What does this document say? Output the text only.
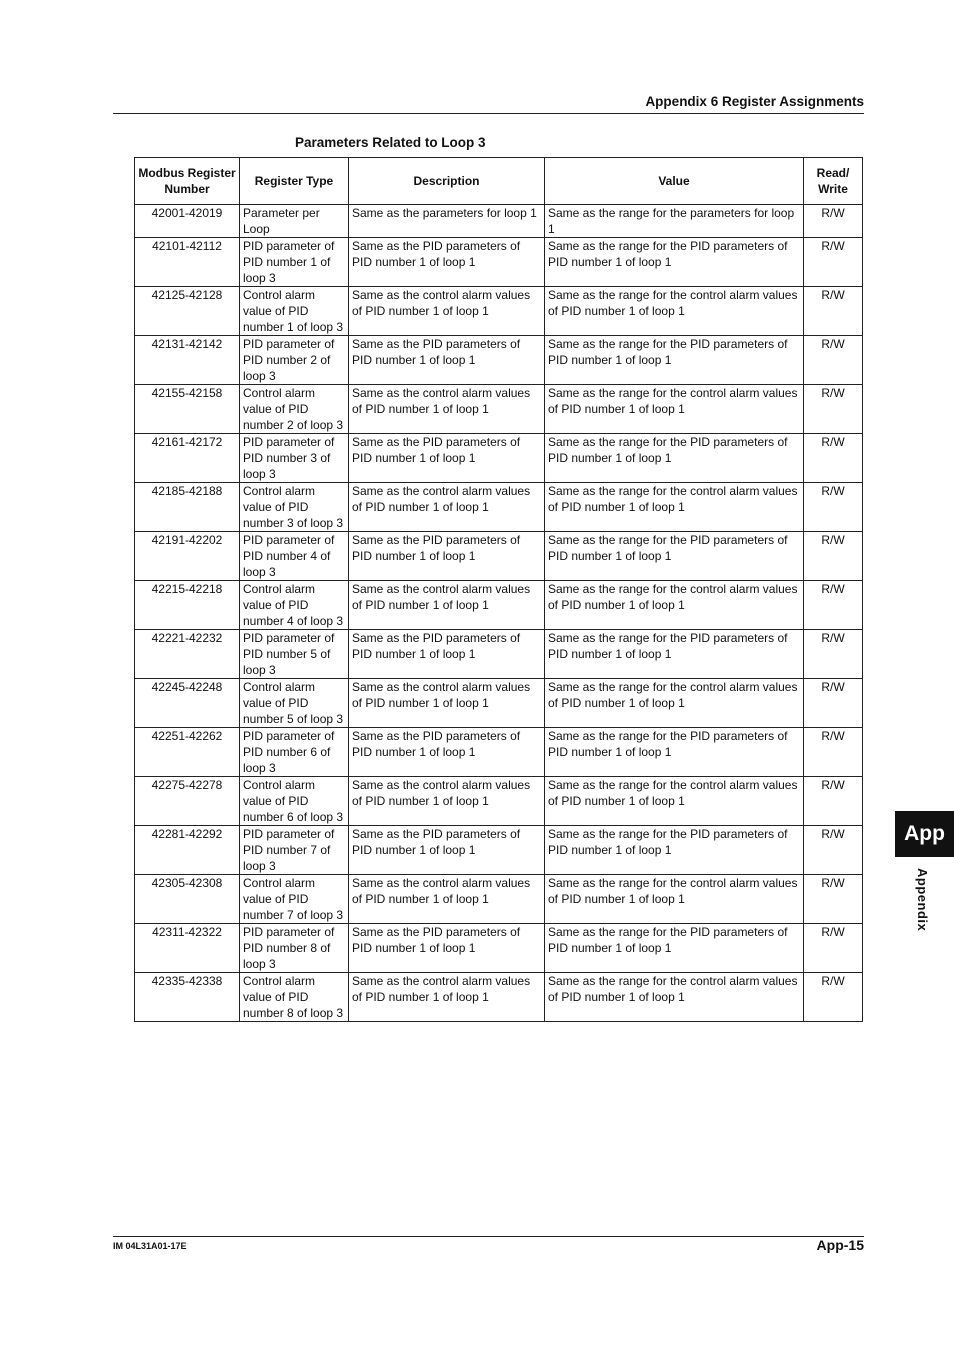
Appendix 6 Register Assignments
Parameters Related to Loop 3
Modbus Register Number	Register Type	Description	Value	Read/ Write
42001-42019	Parameter per Loop	Same as the parameters for loop 1	Same as the range for the parameters for loop 1	R/W
42101-42112	PID parameter of PID number 1 of loop 3	Same as the PID parameters of PID number 1 of loop 1	Same as the range for the PID parameters of PID number 1 of loop 1	R/W
42125-42128	Control alarm value of PID number 1 of loop 3	Same as the control alarm values of PID number 1 of loop 1	Same as the range for the control alarm values of PID number 1 of loop 1	R/W
42131-42142	PID parameter of PID number 2 of loop 3	Same as the PID parameters of PID number 1 of loop 1	Same as the range for the PID parameters of PID number 1 of loop 1	R/W
42155-42158	Control alarm value of PID number 2 of loop 3	Same as the control alarm values of PID number 1 of loop 1	Same as the range for the control alarm values of PID number 1 of loop 1	R/W
42161-42172	PID parameter of PID number 3 of loop 3	Same as the PID parameters of PID number 1 of loop 1	Same as the range for the PID parameters of PID number 1 of loop 1	R/W
42185-42188	Control alarm value of PID number 3 of loop 3	Same as the control alarm values of PID number 1 of loop 1	Same as the range for the control alarm values of PID number 1 of loop 1	R/W
42191-42202	PID parameter of PID number 4 of loop 3	Same as the PID parameters of PID number 1 of loop 1	Same as the range for the PID parameters of PID number 1 of loop 1	R/W
42215-42218	Control alarm value of PID number 4 of loop 3	Same as the control alarm values of PID number 1 of loop 1	Same as the range for the control alarm values of PID number 1 of loop 1	R/W
42221-42232	PID parameter of PID number 5 of loop 3	Same as the PID parameters of PID number 1 of loop 1	Same as the range for the PID parameters of PID number 1 of loop 1	R/W
42245-42248	Control alarm value of PID number 5 of loop 3	Same as the control alarm values of PID number 1 of loop 1	Same as the range for the control alarm values of PID number 1 of loop 1	R/W
42251-42262	PID parameter of PID number 6 of loop 3	Same as the PID parameters of PID number 1 of loop 1	Same as the range for the PID parameters of PID number 1 of loop 1	R/W
42275-42278	Control alarm value of PID number 6 of loop 3	Same as the control alarm values of PID number 1 of loop 1	Same as the range for the control alarm values of PID number 1 of loop 1	R/W
42281-42292	PID parameter of PID number 7 of loop 3	Same as the PID parameters of PID number 1 of loop 1	Same as the range for the PID parameters of PID number 1 of loop 1	R/W
42305-42308	Control alarm value of PID number 7 of loop 3	Same as the control alarm values of PID number 1 of loop 1	Same as the range for the control alarm values of PID number 1 of loop 1	R/W
42311-42322	PID parameter of PID number 8 of loop 3	Same as the PID parameters of PID number 1 of loop 1	Same as the range for the PID parameters of PID number 1 of loop 1	R/W
42335-42338	Control alarm value of PID number 8 of loop 3	Same as the control alarm values of PID number 1 of loop 1	Same as the range for the control alarm values of PID number 1 of loop 1	R/W
App
Appendix
IM 04L31A01-17E	App-15
